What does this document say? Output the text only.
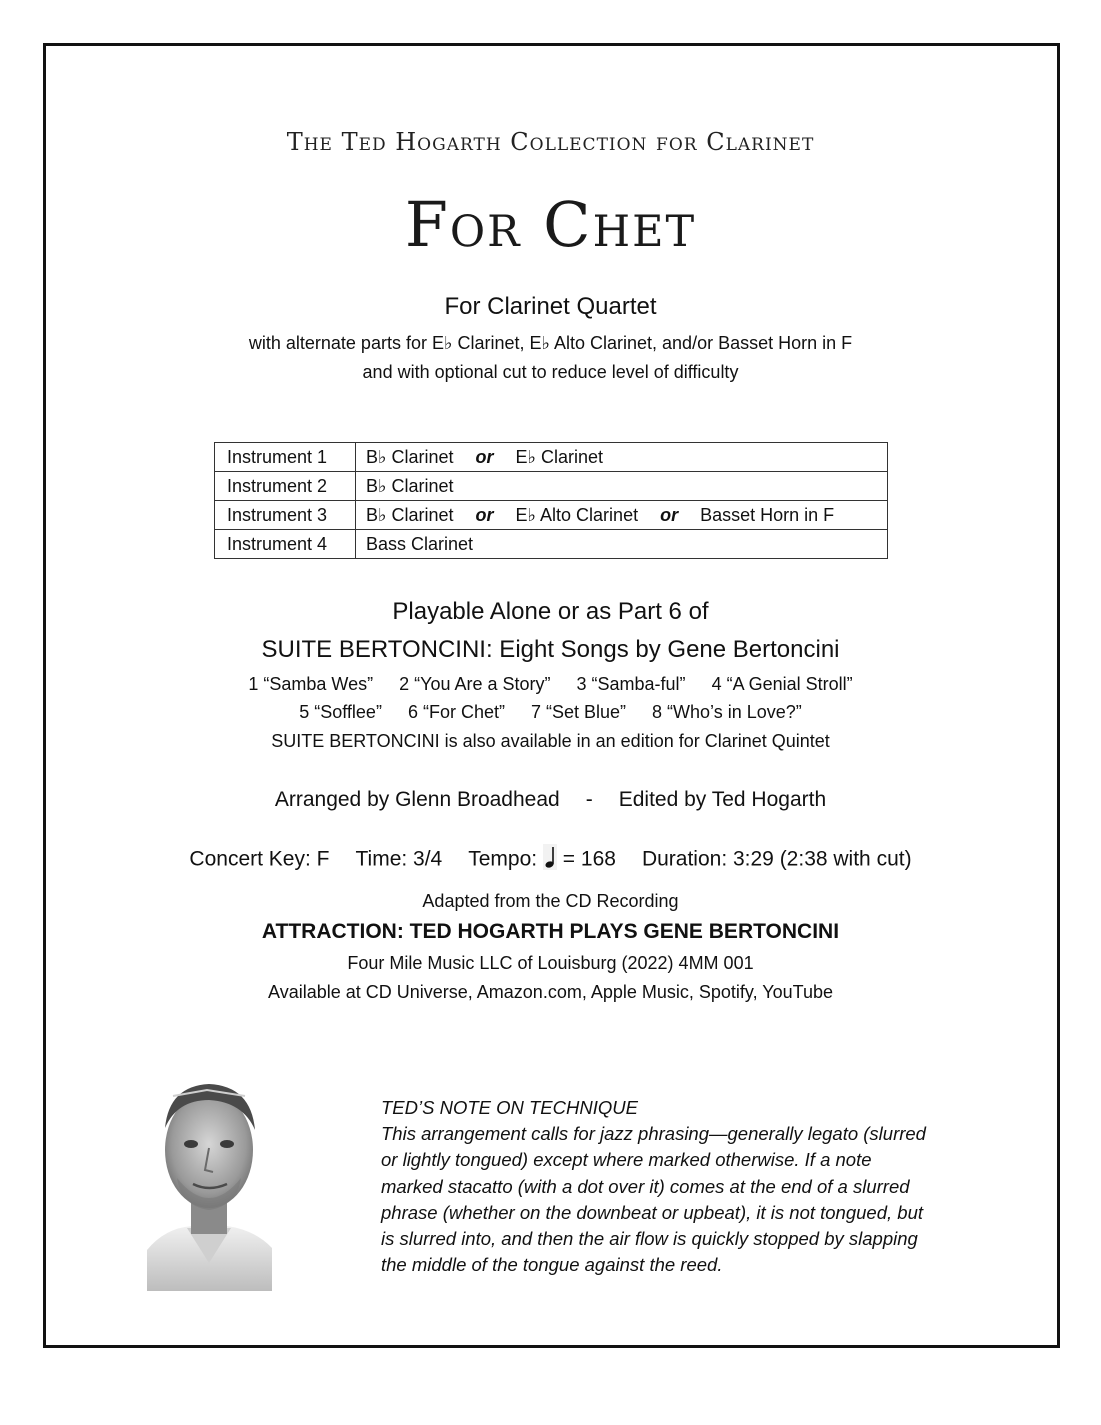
The Ted Hogarth Collection for Clarinet
For Chet
For Clarinet Quartet
with alternate parts for E♭ Clarinet, E♭ Alto Clarinet, and/or Basset Horn in F
and with optional cut to reduce level of difficulty
Instrument 1	B♭ Clarinet or E♭ Clarinet
Instrument 2	B♭ Clarinet
Instrument 3	B♭ Clarinet or E♭ Alto Clarinet or Basset Horn in F
Instrument 4	Bass Clarinet
Playable Alone or as Part 6 of
SUITE BERTONCINI: Eight Songs by Gene Bertoncini
1 “Samba Wes” 2 “You Are a Story” 3 “Samba-ful” 4 “A Genial Stroll”
5 “Sofflee” 6 “For Chet” 7 “Set Blue” 8 “Who’s in Love?”
SUITE BERTONCINI is also available in an edition for Clarinet Quintet
Arranged by Glenn Broadhead - Edited by Ted Hogarth
Concert Key: F Time: 3/4 Tempo: = 168 Duration: 3:29 (2:38 with cut)
Adapted from the CD Recording
ATTRACTION: TED HOGARTH PLAYS GENE BERTONCINI
Four Mile Music LLC of Louisburg (2022) 4MM 001
Available at CD Universe, Amazon.com, Apple Music, Spotify, YouTube

TED’S NOTE ON TECHNIQUE

This arrangement calls for jazz phrasing—generally legato (slurred

or lightly tongued) except where marked otherwise. If a note

marked stacatto (with a dot over it) comes at the end of a slurred

phrase (whether on the downbeat or upbeat), it is not tongued, but

is slurred into, and then the air flow is quickly stopped by slapping

the middle of the tongue against the reed.
